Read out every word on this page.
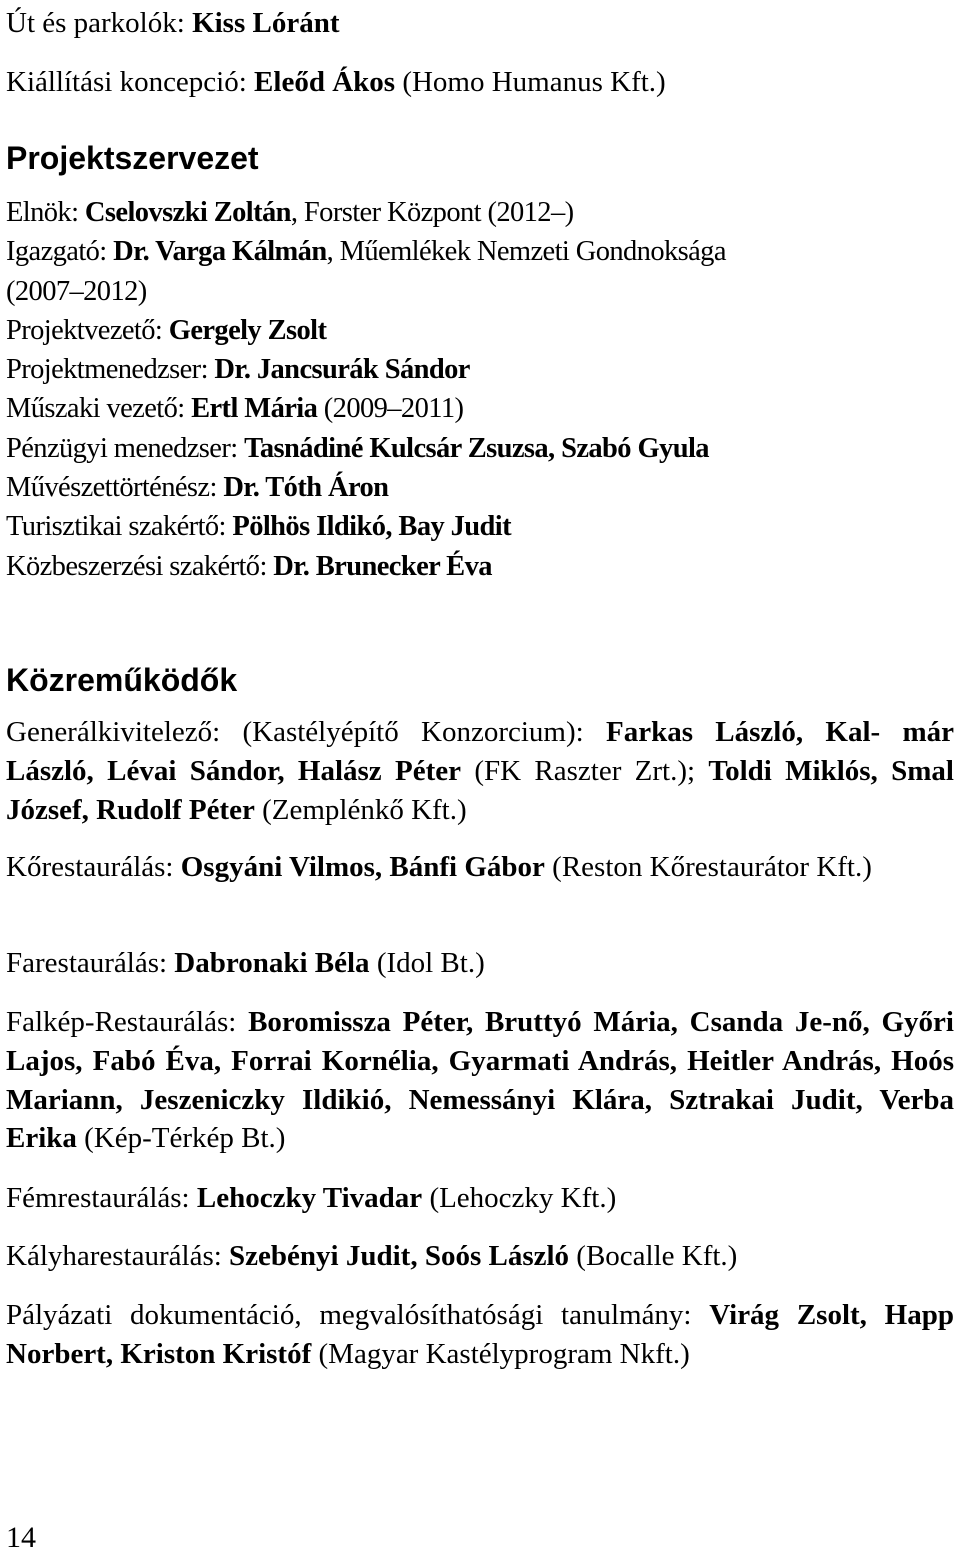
Út és parkolók: Kiss Lóránt

Kiállítási koncepció: Eleőd Ákos (Homo Humanus Kft.)

Projektszervezet
Elnök: Cselovszki Zoltán, Forster Központ (2012–)
Igazgató: Dr. Varga Kálmán, Műemlékek Nemzeti Gondnoksága
(2007–2012)
Projektvezető: Gergely Zsolt
Projektmenedzser: Dr. Jancsurák Sándor
Műszaki vezető: Ertl Mária (2009–2011)
Pénzügyi menedzser: Tasnádiné Kulcsár Zsuzsa, Szabó Gyula
Művészettörténész: Dr. Tóth Áron
Turisztikai szakértő: Pölhös Ildikó, Bay Judit
Közbeszerzési szakértő: Dr. Brunecker Éva
Közreműködők

Generálkivitelező: (Kastélyépítő Konzorcium): Farkas László, Kal- már László, Lévai Sándor, Halász Péter (FK Raszter Zrt.); Toldi Miklós, Smal József, Rudolf Péter (Zemplénkő Kft.)

Kőrestaurálás: Osgyáni Vilmos, Bánfi Gábor (Reston Kőrestaurátor Kft.)

Farestaurálás: Dabronaki Béla (Idol Bt.)

Falkép-Restaurálás: Boromissza Péter, Bruttyó Mária, Csanda Je-nő, Győri Lajos, Fabó Éva, Forrai Kornélia, Gyarmati András, Heitler András, Hoós Mariann, Jeszeniczky Ildikió, Nemessányi Klára, Sztrakai Judit, Verba Erika (Kép-Térkép Bt.)

Fémrestaurálás: Lehoczky Tivadar (Lehoczky Kft.)

Kályharestaurálás: Szebényi Judit, Soós László (Bocalle Kft.)

Pályázati dokumentáció, megvalósíthatósági tanulmány: Virág Zsolt, Happ Norbert, Kriston Kristóf (Magyar Kastélyprogram Nkft.)

14
